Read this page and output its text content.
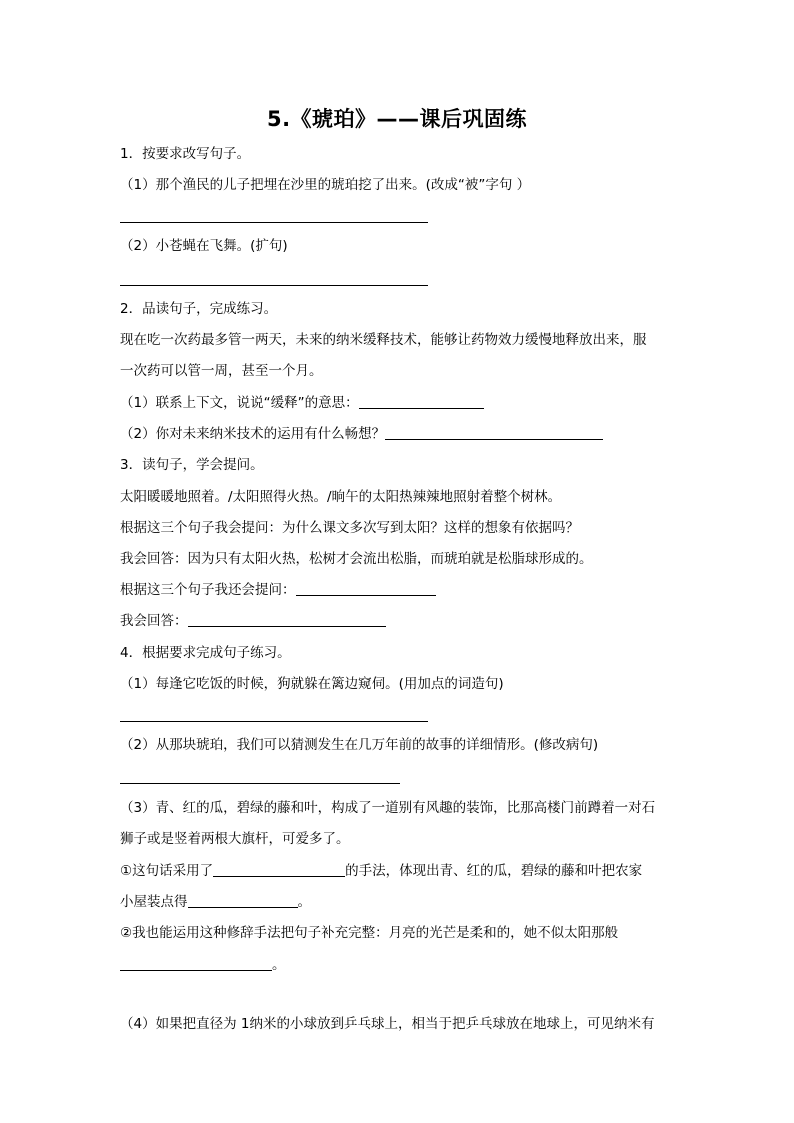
5.《琥珀》——课后巩固练
1．按要求改写句子。
（1）那个渔民的儿子把埋在沙里的琥珀挖了出来。(改成“被”字句 ）
（2）小苍蝇在飞舞。(扩句)
2．品读句子，完成练习。
现在吃一次药最多管一两天，未来的纳米缓释技术，能够让药物效力缓慢地释放出来，服
一次药可以管一周，甚至一个月。
（1）联系上下文，说说“缓释”的意思：
（2）你对未来纳米技术的运用有什么畅想？
3．读句子，学会提问。
太阳暖暖地照着。/太阳照得火热。/晌午的太阳热辣辣地照射着整个树林。
根据这三个句子我会提问：为什么课文多次写到太阳？这样的想象有依据吗？
我会回答：因为只有太阳火热，松树才会流出松脂，而琥珀就是松脂球形成的。
根据这三个句子我还会提问：
我会回答：
4．根据要求完成句子练习。
（1）每逢它吃饭的时候，狗就躲在篱边窥伺。(用加点的词造句)
（2）从那块琥珀，我们可以猜测发生在几万年前的故事的详细情形。(修改病句)
（3）青、红的瓜，碧绿的藤和叶，构成了一道别有风趣的装饰，比那高楼门前蹲着一对石
狮子或是竖着两根大旗杆，可爱多了。
①这句话采用了	的手法，体现出青、红的瓜，碧绿的藤和叶把农家
小屋装点得	。
②我也能运用这种修辞手法把句子补充完整：月亮的光芒是柔和的，她不似太阳那般
。
（4）如果把直径为 1纳米的小球放到乒乓球上，相当于把乒乓球放在地球上，可见纳米有
